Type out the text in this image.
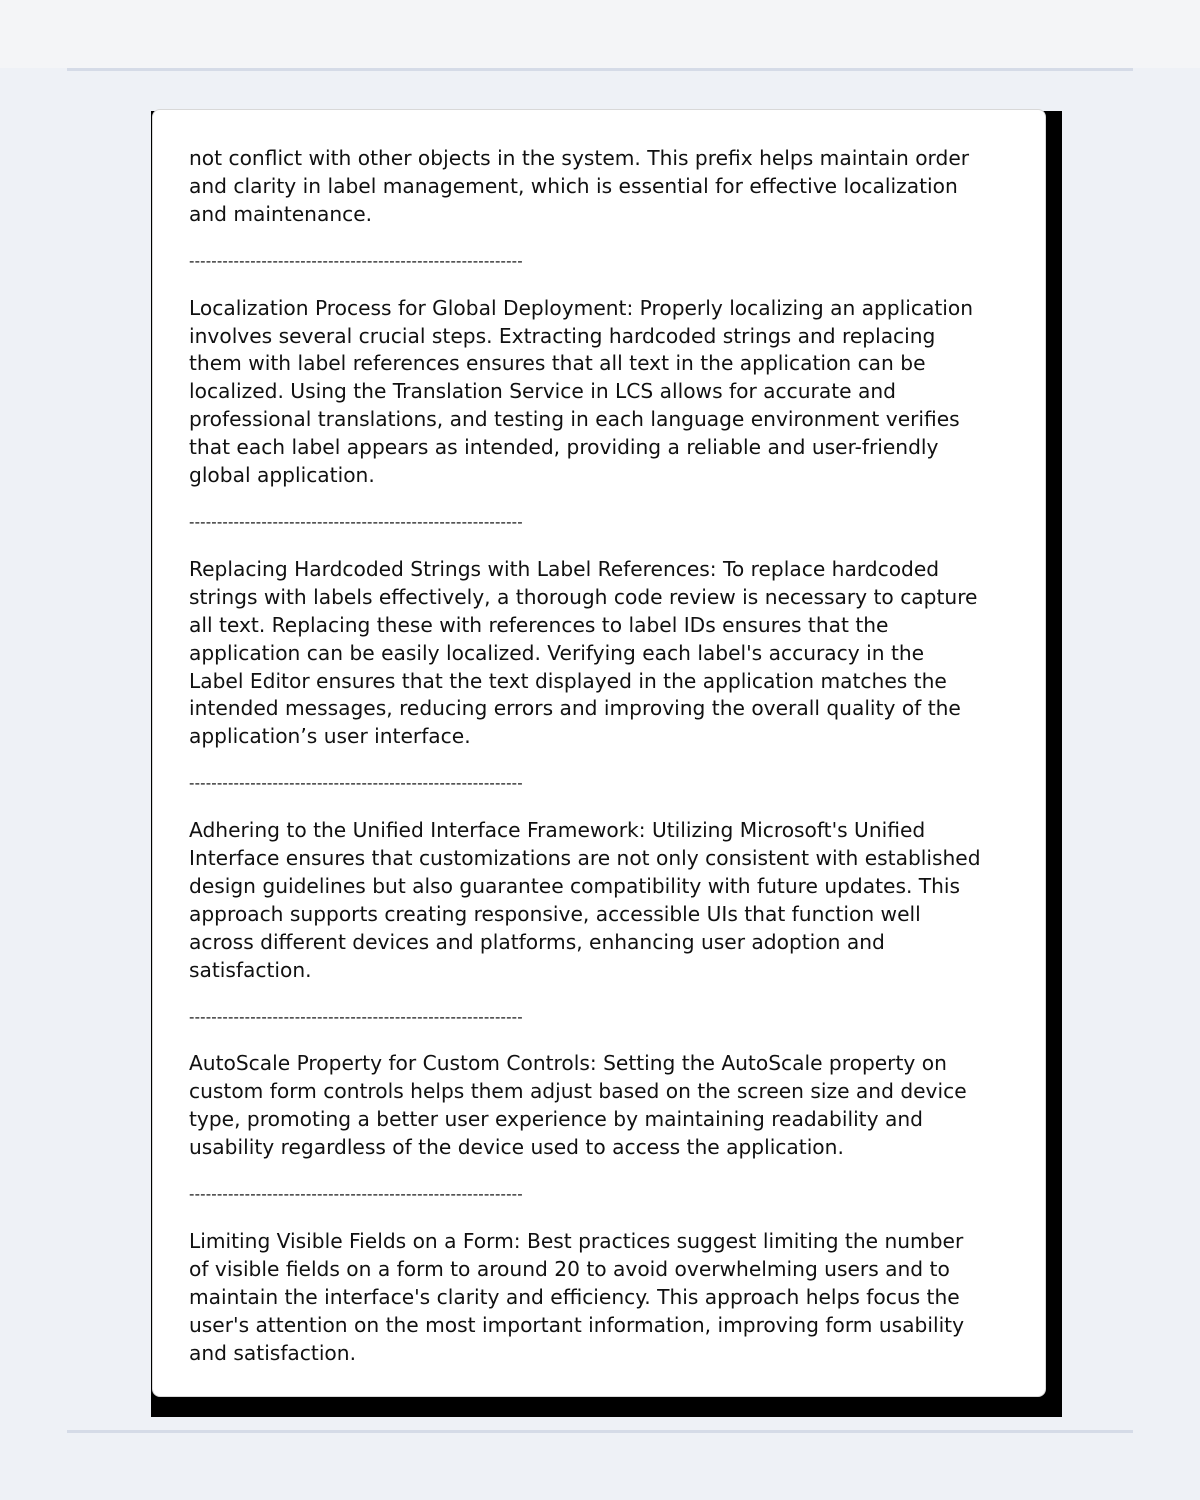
not conflict with other objects in the system. This prefix helps maintain order
and clarity in label management, which is essential for effective localization
and maintenance.
------------------------------------------------------------
Localization Process for Global Deployment: Properly localizing an application
involves several crucial steps. Extracting hardcoded strings and replacing
them with label references ensures that all text in the application can be
localized. Using the Translation Service in LCS allows for accurate and
professional translations, and testing in each language environment verifies
that each label appears as intended, providing a reliable and user-friendly
global application.
------------------------------------------------------------
Replacing Hardcoded Strings with Label References: To replace hardcoded
strings with labels effectively, a thorough code review is necessary to capture
all text. Replacing these with references to label IDs ensures that the
application can be easily localized. Verifying each label's accuracy in the
Label Editor ensures that the text displayed in the application matches the
intended messages, reducing errors and improving the overall quality of the
application’s user interface.
------------------------------------------------------------
Adhering to the Unified Interface Framework: Utilizing Microsoft's Unified
Interface ensures that customizations are not only consistent with established
design guidelines but also guarantee compatibility with future updates. This
approach supports creating responsive, accessible UIs that function well
across different devices and platforms, enhancing user adoption and
satisfaction.
------------------------------------------------------------
AutoScale Property for Custom Controls: Setting the AutoScale property on
custom form controls helps them adjust based on the screen size and device
type, promoting a better user experience by maintaining readability and
usability regardless of the device used to access the application.
------------------------------------------------------------
Limiting Visible Fields on a Form: Best practices suggest limiting the number
of visible fields on a form to around 20 to avoid overwhelming users and to
maintain the interface's clarity and efficiency. This approach helps focus the
user's attention on the most important information, improving form usability
and satisfaction.
